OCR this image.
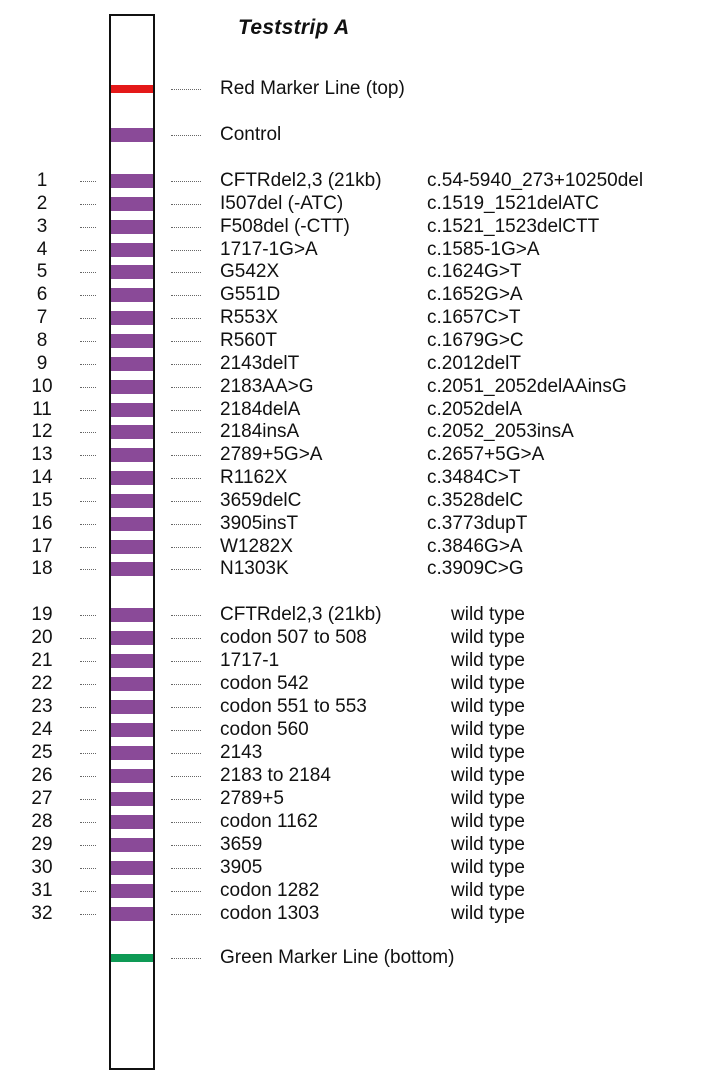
Teststrip A
Red Marker Line (top)
Control
Green Marker Line (bottom)
1	CFTRdel2,3 (21kb) c.54-5940_273+10250del
2	I507del (-ATC)	c.1519_1521delATC
3	F508del (-CTT)	c.1521_1523delCTT
4	1717-1G>A	c.1585-1G>A
5	G542X	c.1624G>T
6	G551D	c.1652G>A
7	R553X	c.1657C>T
8	R560T	c.1679G>C
9	2143delT	c.2012delT
10	2183AA>G	c.2051_2052delAAinsG
11	2184delA	c.2052delA
12	2184insA	c.2052_2053insA
13	2789+5G>A	c.2657+5G>A
14	R1162X	c.3484C>T
15	3659delC	c.3528delC
16	3905insT	c.3773dupT
17	W1282X	c.3846G>A
18	N1303K	c.3909C>G
19	CFTRdel2,3 (21kb)	wild type
20	codon 507 to 508	wild type
21	1717-1	wild type
22	codon 542	wild type
23	codon 551 to 553	wild type
24	codon 560	wild type
25	2143	wild type
26	2183 to 2184	wild type
27	2789+5	wild type
28	codon 1162	wild type
29	3659	wild type
30	3905	wild type
31	codon 1282	wild type
32	codon 1303	wild type
